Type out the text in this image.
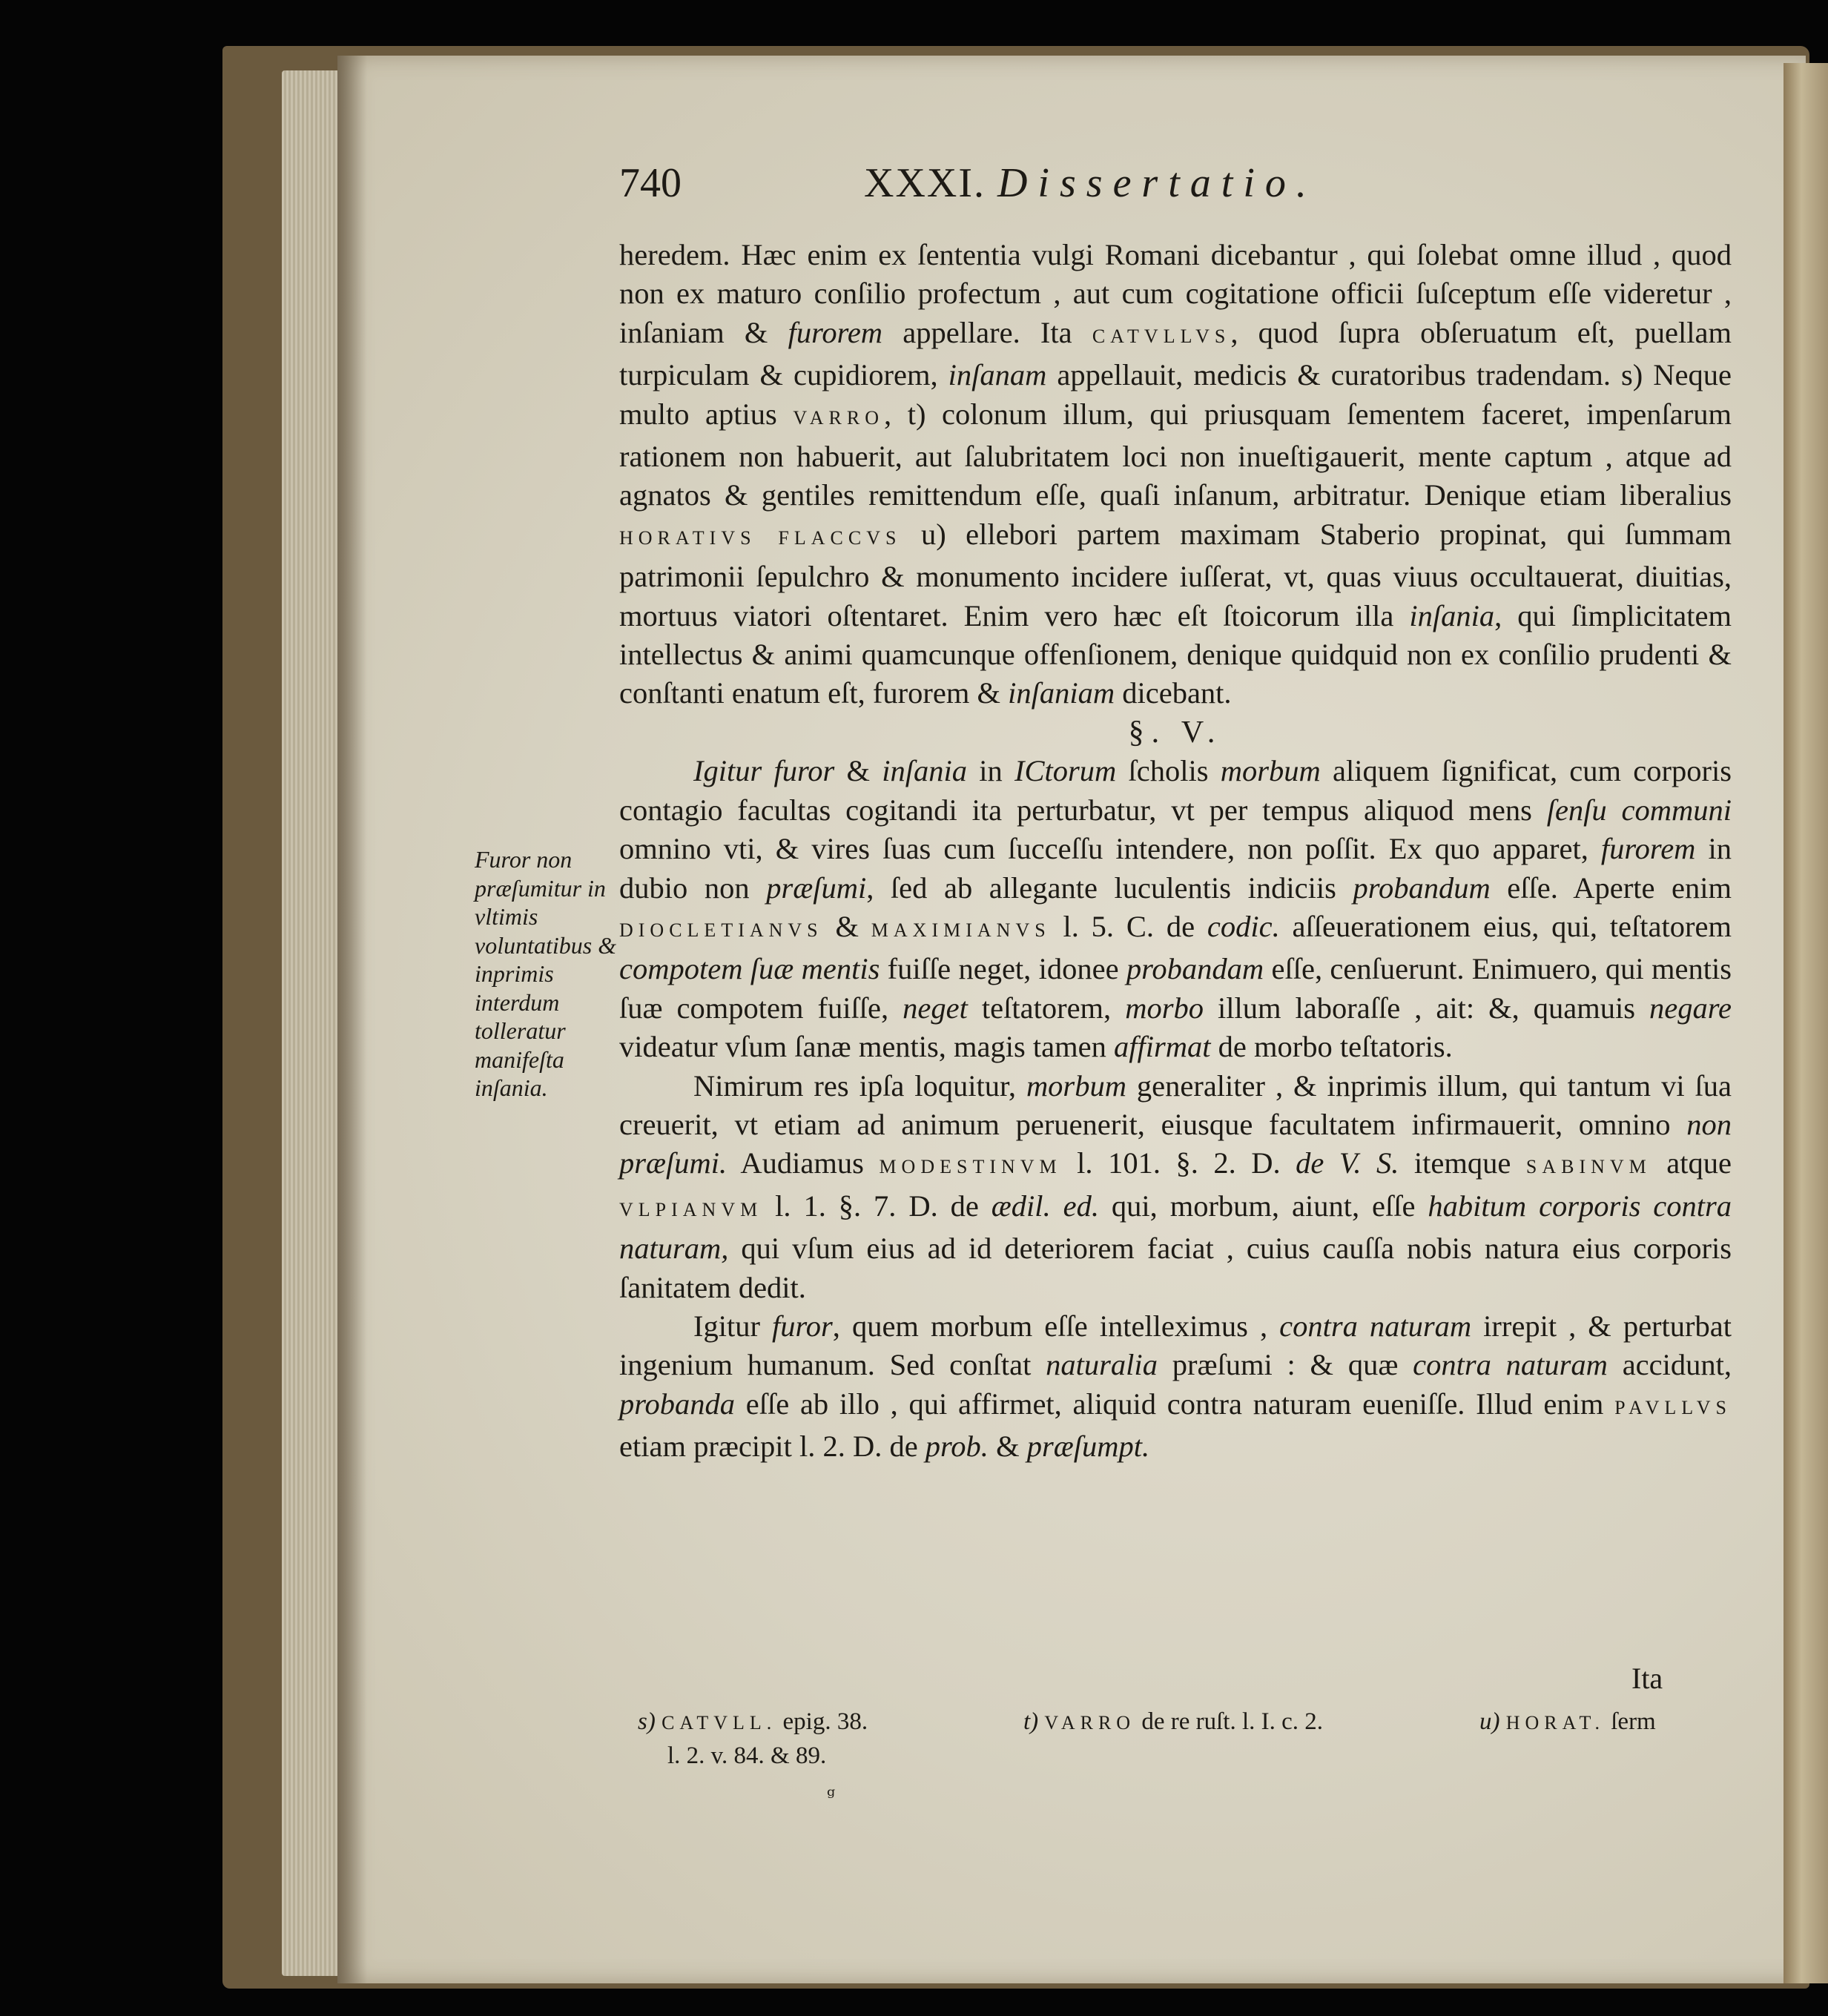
740	XXXI. Dissertatio.

heredem. Hæc enim ex ſententia vulgi Romani dicebantur , qui ſolebat omne illud , quod non ex maturo conſilio profectum , aut cum cogitatione officii ſuſceptum eſſe videretur , inſaniam & furorem appellare. Ita CATVLLVS, quod ſupra obſeruatum eſt, puellam turpiculam & cupidiorem, inſanam appellauit, medicis & curatoribus tradendam. s) Neque multo aptius VARRO, t) colonum illum, qui priusquam ſementem faceret, impenſarum rationem non habuerit, aut ſalubritatem loci non inueſtigauerit, mente captum , atque ad agnatos & gentiles remittendum eſſe, quaſi inſanum, arbitratur. Denique etiam liberalius HORATIVS FLACCVS u) ellebori partem maximam Staberio propinat, qui ſummam patrimonii ſepulchro & monumento incidere iuſſerat, vt, quas viuus occultauerat, diuitias, mortuus viatori oſtentaret. Enim vero hæc eſt ſtoicorum illa inſania, qui ſimplicitatem intellectus & animi quamcunque offenſionem, denique quidquid non ex conſilio prudenti & conſtanti enatum eſt, furorem & inſaniam dicebant.

§. V.

Igitur furor & inſania in ICtorum ſcholis morbum aliquem ſignificat, cum corporis contagio facultas cogitandi ita perturbatur, vt per tempus aliquod mens ſenſu communi omnino vti, & vires ſuas cum ſucceſſu intendere, non poſſit. Ex quo apparet, furorem in dubio non præſumi, ſed ab allegante luculentis indiciis probandum eſſe. Aperte enim DIOCLETIANVS & MAXIMIANVS l. 5. C. de codic. aſſeuerationem eius, qui, teſtatorem compotem ſuæ mentis fuiſſe neget, idonee probandam eſſe, cenſuerunt. Enimuero, qui mentis ſuæ compotem fuiſſe, neget teſtatorem, morbo illum laboraſſe , ait: &, quamuis negare videatur vſum ſanæ mentis, magis tamen affirmat de morbo teſtatoris.

Nimirum res ipſa loquitur, morbum generaliter , & inprimis illum, qui tantum vi ſua creuerit, vt etiam ad animum peruenerit, eiusque facultatem infirmauerit, omnino non præſumi. Audiamus MODESTINVM l. 101. §. 2. D. de V. S. itemque SABINVM atque VLPIANVM l. 1. §. 7. D. de ædil. ed. qui, morbum, aiunt, eſſe habitum corporis contra naturam, qui vſum eius ad id deteriorem faciat , cuius cauſſa nobis natura eius corporis ſanitatem dedit.

Igitur furor, quem morbum eſſe intelleximus , contra naturam irrepit , & perturbat ingenium humanum. Sed conſtat naturalia præſumi : & quæ contra naturam accidunt, probanda eſſe ab illo , qui affirmet, aliquid contra naturam eueniſſe. Illud enim PAVLLVS etiam præcipit l. 2. D. de prob. & præſumpt.

Furor non præſumitur in vltimis voluntatibus & inprimis interdum tolleratur manifeſta inſania.
Ita
s) CATVLL. epig. 38.
l. 2. v. 84. & 89.
t) VARRO de re ruſt. l. I. c. 2.	u) HORAT. ſerm
ᵍ
